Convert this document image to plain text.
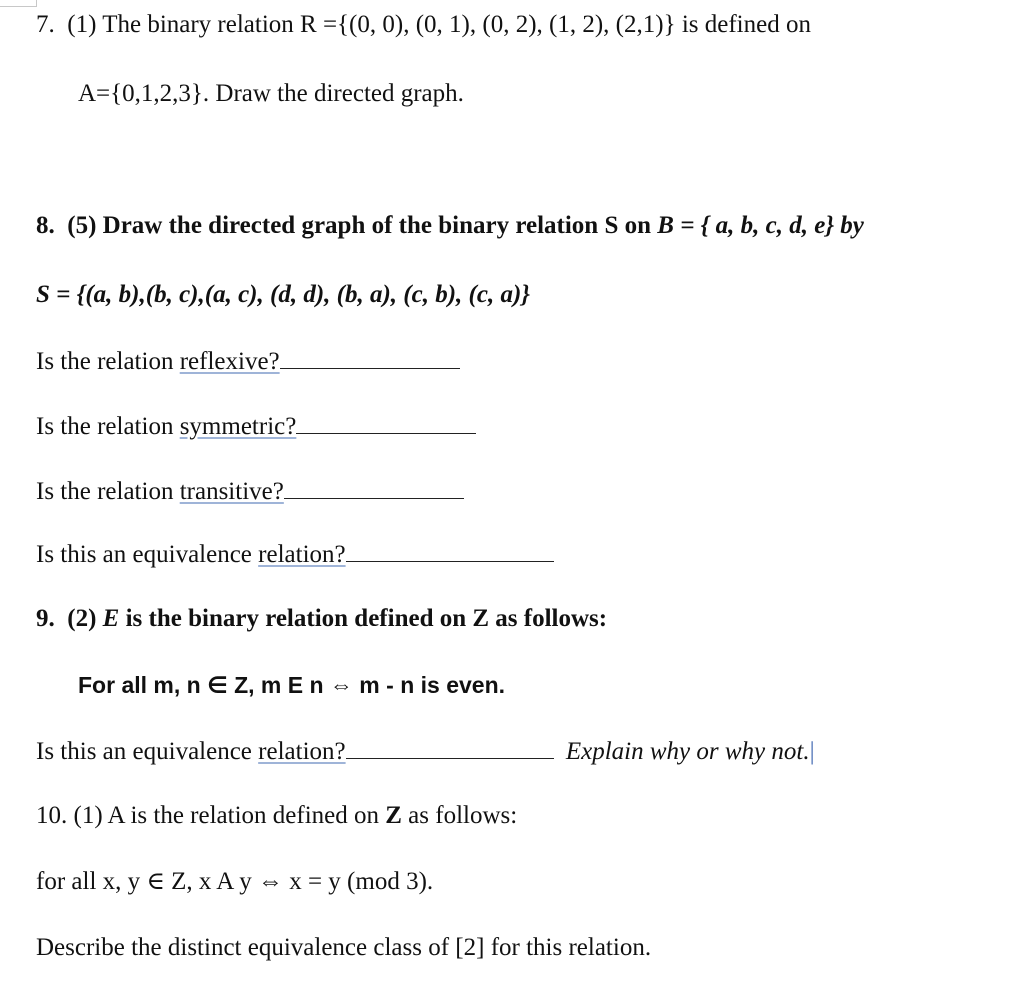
7. (1) The binary relation R ={(0, 0), (0, 1), (0, 2), (1, 2), (2,1)} is defined on
A={0,1,2,3}. Draw the directed graph.
8. (5) Draw the directed graph of the binary relation S on B = { a, b, c, d, e} by
S = {(a, b),(b, c),(a, c), (d, d), (b, a), (c, b), (c, a)}
Is the relation reflexive?
Is the relation symmetric?
Is the relation transitive?
Is this an equivalence relation?
9. (2) E is the binary relation defined on Z as follows:
For all m, n ∈ Z, m E n ⇔ m - n is even.
Is this an equivalence relation?	Explain why or why not.|
10. (1) A is the relation defined on Z as follows:
for all x, y ∈ Z, x A y ⇔ x = y (mod 3).
Describe the distinct equivalence class of [2] for this relation.
